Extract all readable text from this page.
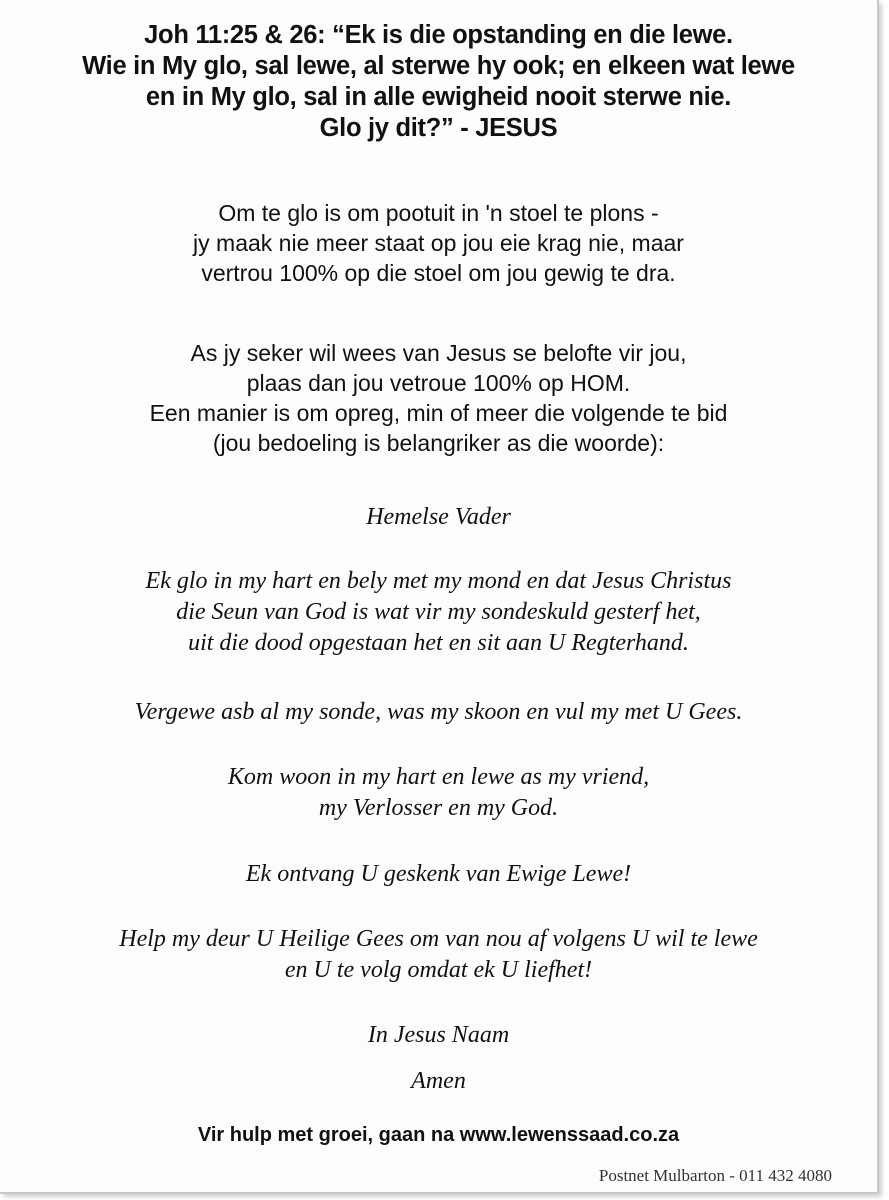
Joh 11:25 & 26: “Ek is die opstanding en die lewe.
Wie in My glo, sal lewe, al sterwe hy ook; en elkeen wat lewe
en in My glo, sal in alle ewigheid nooit sterwe nie.
Glo jy dit?” - JESUS
Om te glo is om pootuit in 'n stoel te plons -
jy maak nie meer staat op jou eie krag nie, maar
vertrou 100% op die stoel om jou gewig te dra.
As jy seker wil wees van Jesus se belofte vir jou,
plaas dan jou vetroue 100% op HOM.
Een manier is om opreg, min of meer die volgende te bid
(jou bedoeling is belangriker as die woorde):
Hemelse Vader
Ek glo in my hart en bely met my mond en dat Jesus Christus
die Seun van God is wat vir my sondeskuld gesterf het,
uit die dood opgestaan het en sit aan U Regterhand.
Vergewe asb al my sonde, was my skoon en vul my met U Gees.
Kom woon in my hart en lewe as my vriend,
my Verlosser en my God.
Ek ontvang U geskenk van Ewige Lewe!
Help my deur U Heilige Gees om van nou af volgens U wil te lewe
en U te volg omdat ek U liefhet!
In Jesus Naam
Amen
Vir hulp met groei, gaan na www.lewenssaad.co.za
Postnet Mulbarton - 011 432 4080
